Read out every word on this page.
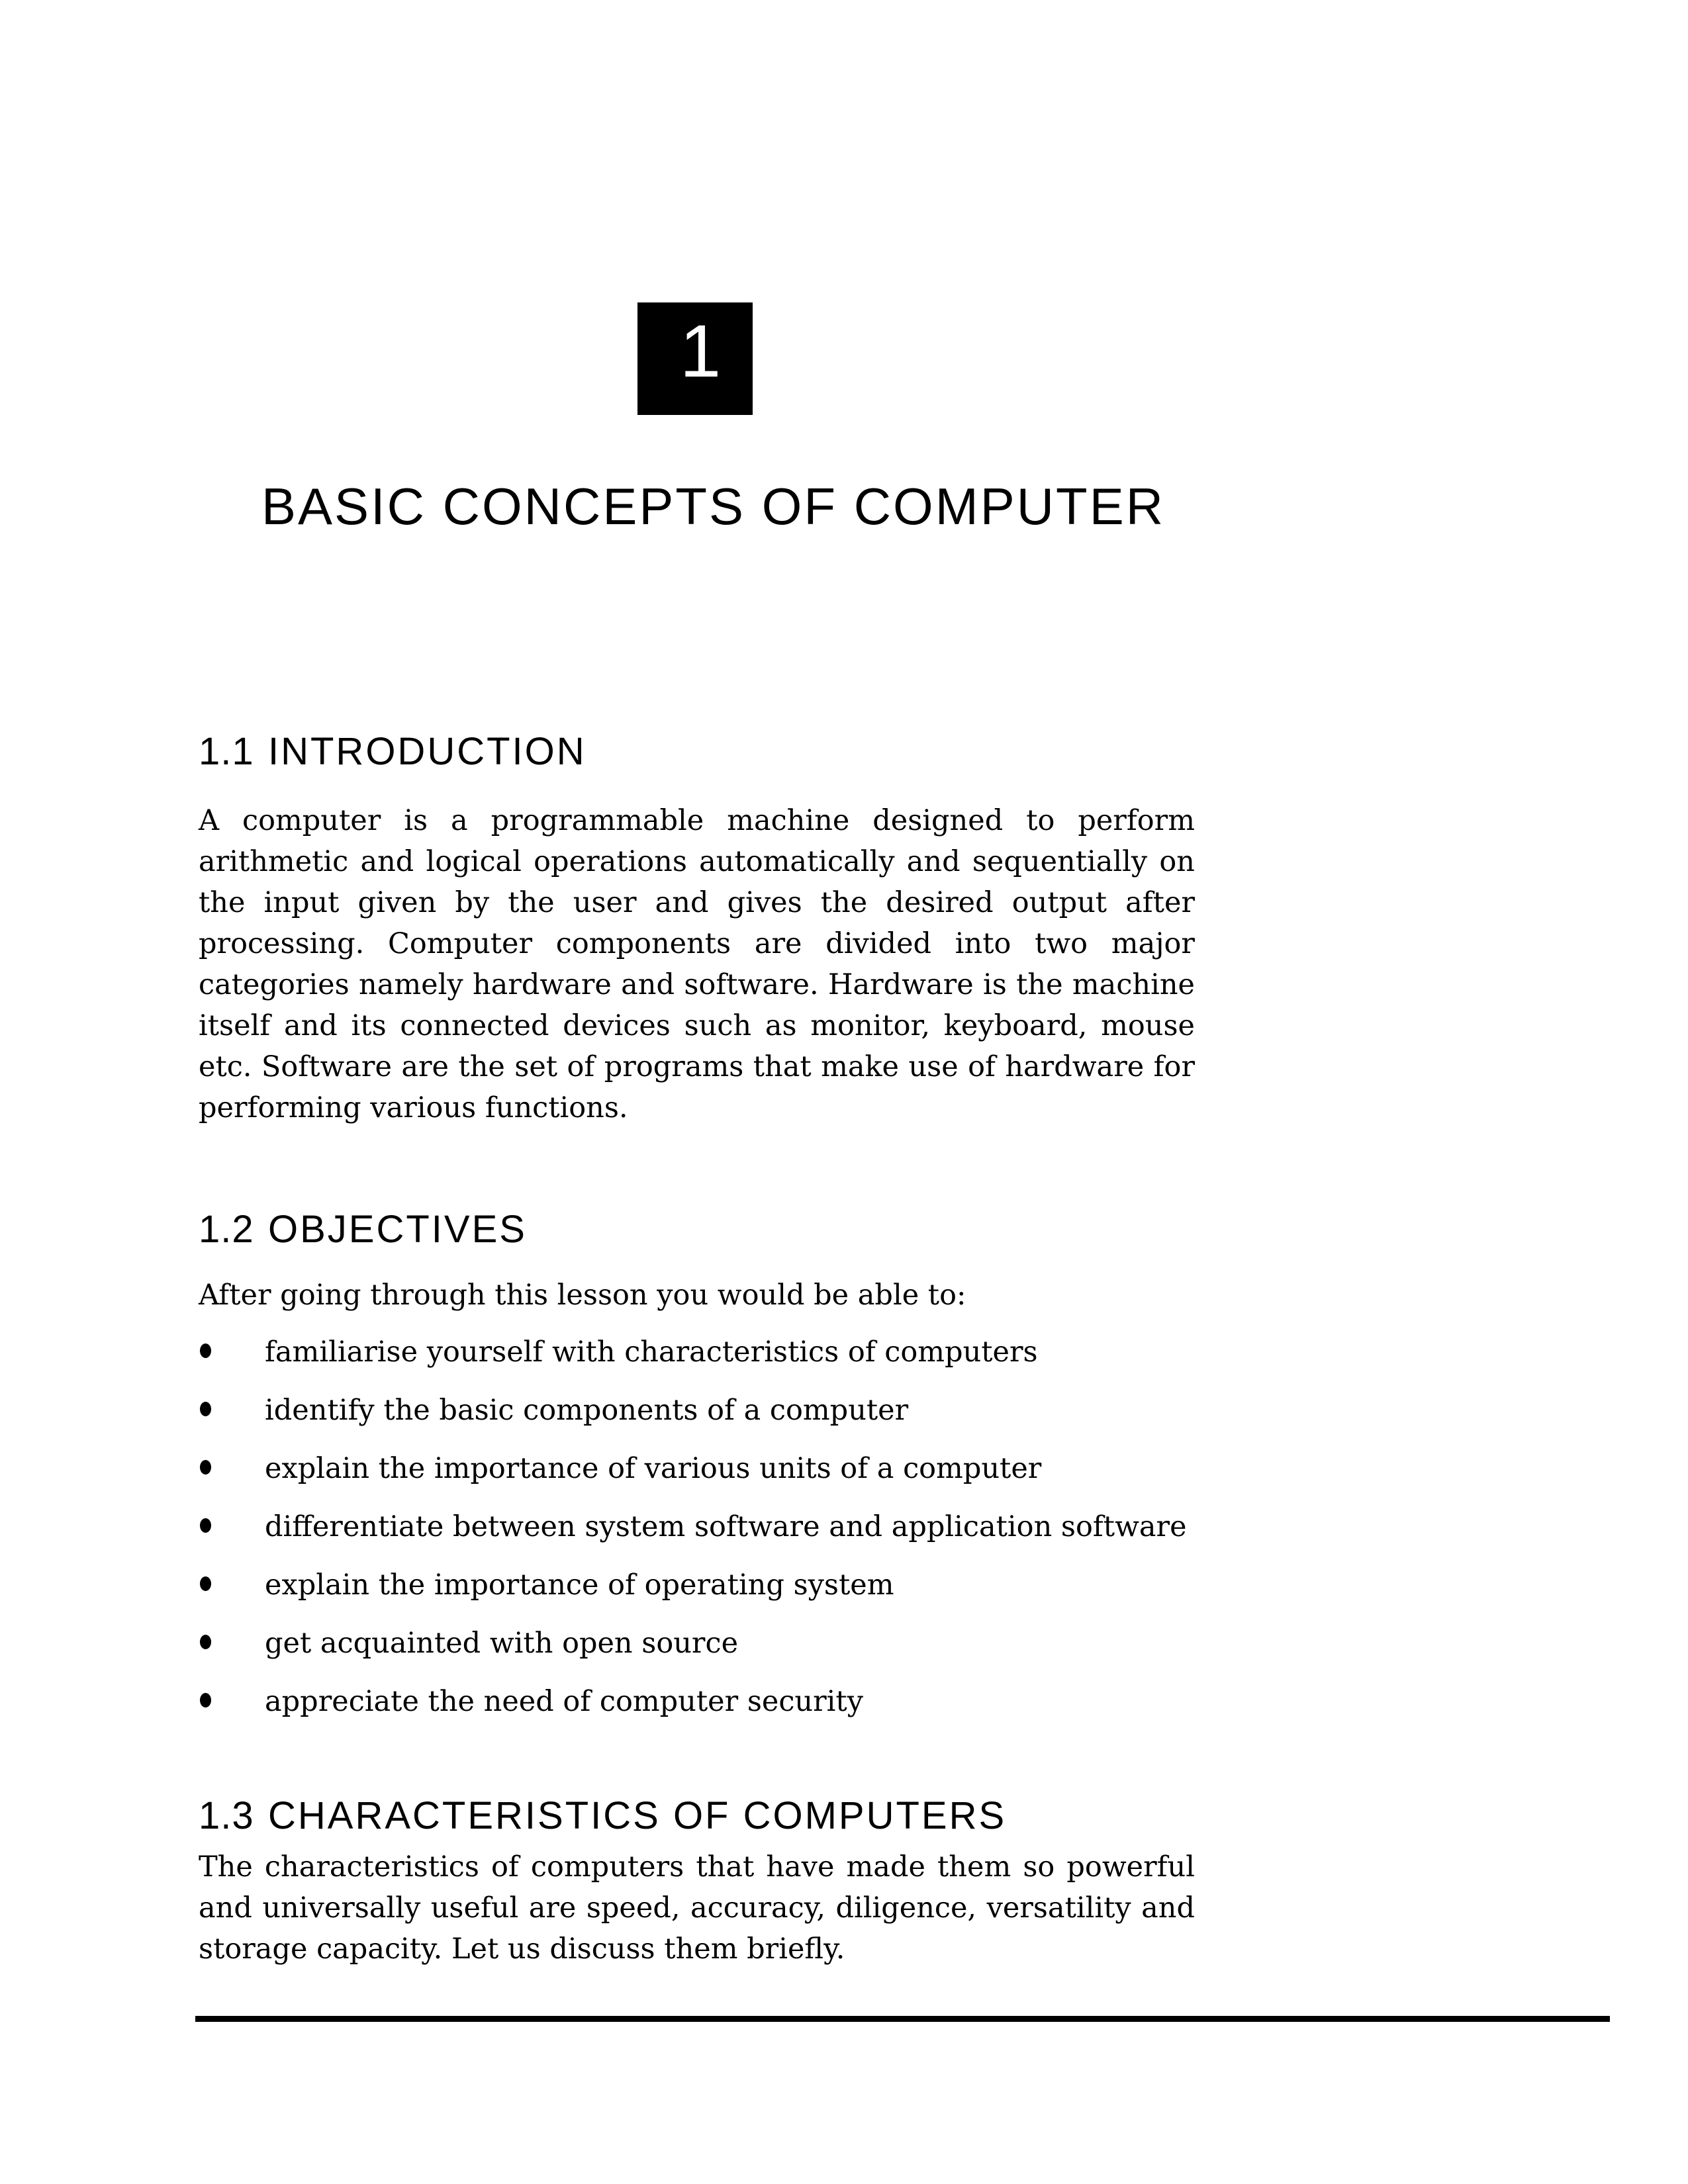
1
BASIC CONCEPTS OF COMPUTER
1.1 INTRODUCTION
A computer is a programmable machine designed to perform arithmetic and logical operations automatically and sequentially on the input given by the user and gives the desired output after processing. Computer components are divided into two major categories namely hardware and software. Hardware is the machine itself and its connected devices such as monitor, keyboard, mouse etc. Software are the set of programs that make use of hardware for performing various functions.
1.2 OBJECTIVES
After going through this lesson you would be able to:
familiarise yourself with characteristics of computers
identify the basic components of a computer
explain the importance of various units of a computer
differentiate between system software and application software
explain the importance of operating system
get acquainted with open source
appreciate the need of computer security
1.3 CHARACTERISTICS OF COMPUTERS
The characteristics of computers that have made them so powerful and universally useful are speed, accuracy, diligence, versatility and storage capacity. Let us discuss them briefly.
